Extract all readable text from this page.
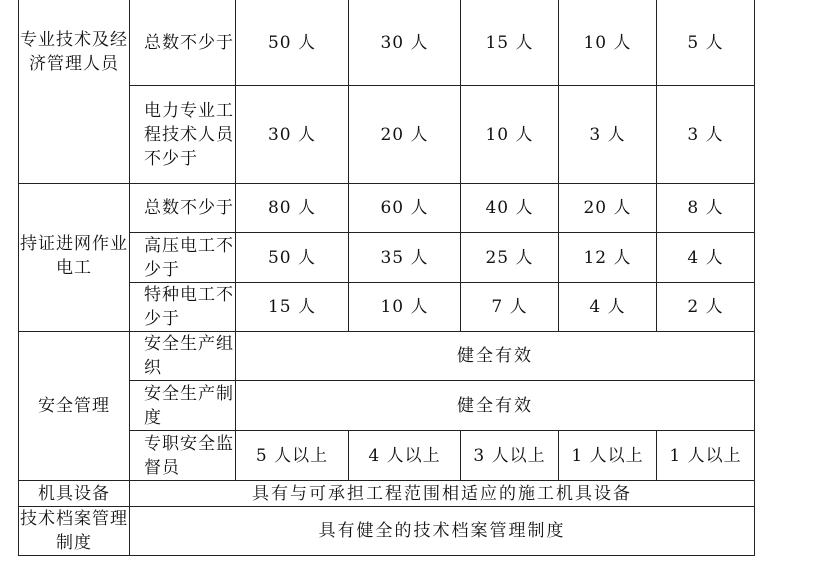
专业技术及经济管理人员	总数不少于	50 人	30 人	15 人	10 人	5 人
	电力专业工程技术人员不少于	30 人	20 人	10 人	3 人	3 人
持证进网作业电工	总数不少于	80 人	60 人	40 人	20 人	8 人
	高压电工不少于	50 人	35 人	25 人	12 人	4 人
	特种电工不少于	15 人	10 人	7 人	4 人	2 人
安全管理	安全生产组织	健全有效				
	安全生产制度	健全有效				
	专职安全监督员	5 人以上	4 人以上	3 人以上	1 人以上	1 人以上
机具设备	具有与可承担工程范围相适应的施工机具设备					
技术档案管理制度	具有健全的技术档案管理制度					
